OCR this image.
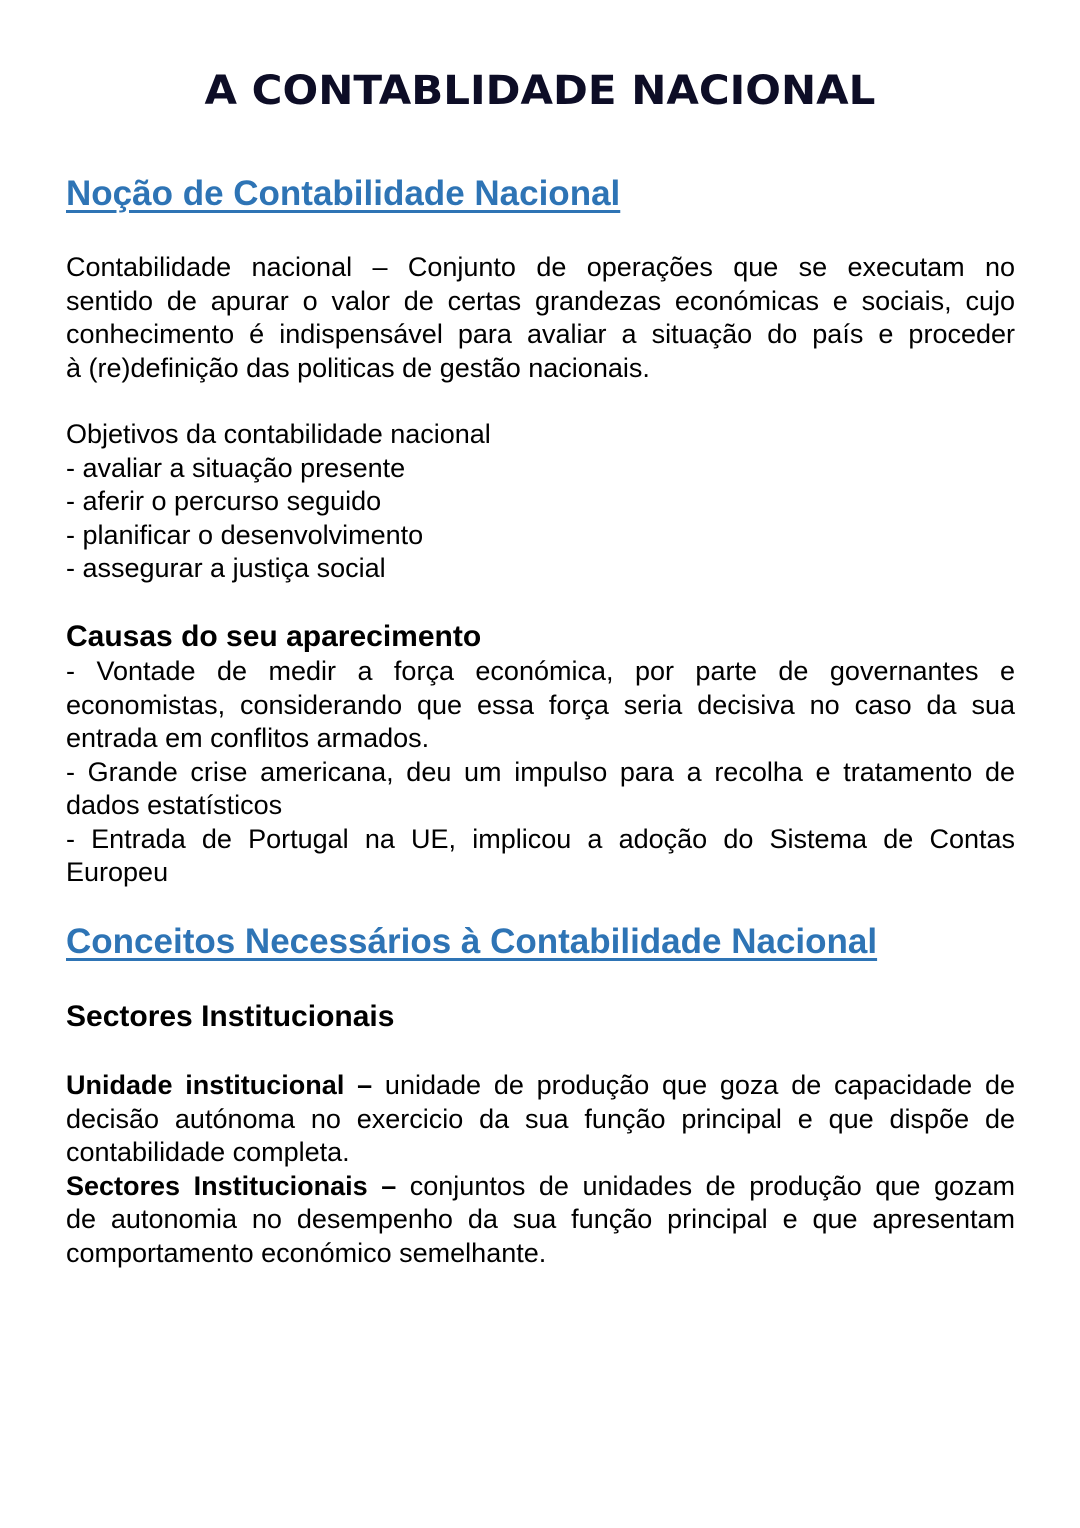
A CONTABLIDADE NACIONAL
Noção de Contabilidade Nacional
Contabilidade nacional – Conjunto de operações que se executam no
sentido de apurar o valor de certas grandezas económicas e sociais, cujo
conhecimento é indispensável para avaliar a situação do país e proceder
à (re)definição das politicas de gestão nacionais.
Objetivos da contabilidade nacional
- avaliar a situação presente
- aferir o percurso seguido
- planificar o desenvolvimento
- assegurar a justiça social
Causas do seu aparecimento
- Vontade de medir a força económica, por parte de governantes e
economistas, considerando que essa força seria decisiva no caso da sua
entrada em conflitos armados.
- Grande crise americana, deu um impulso para a recolha e tratamento de
dados estatísticos
- Entrada de Portugal na UE, implicou a adoção do Sistema de Contas
Europeu
Conceitos Necessários à Contabilidade Nacional
Sectores Institucionais
Unidade institucional – unidade de produção que goza de capacidade de
decisão autónoma no exercicio da sua função principal e que dispõe de
contabilidade completa.
Sectores Institucionais – conjuntos de unidades de produção que gozam
de autonomia no desempenho da sua função principal e que apresentam
comportamento económico semelhante.
